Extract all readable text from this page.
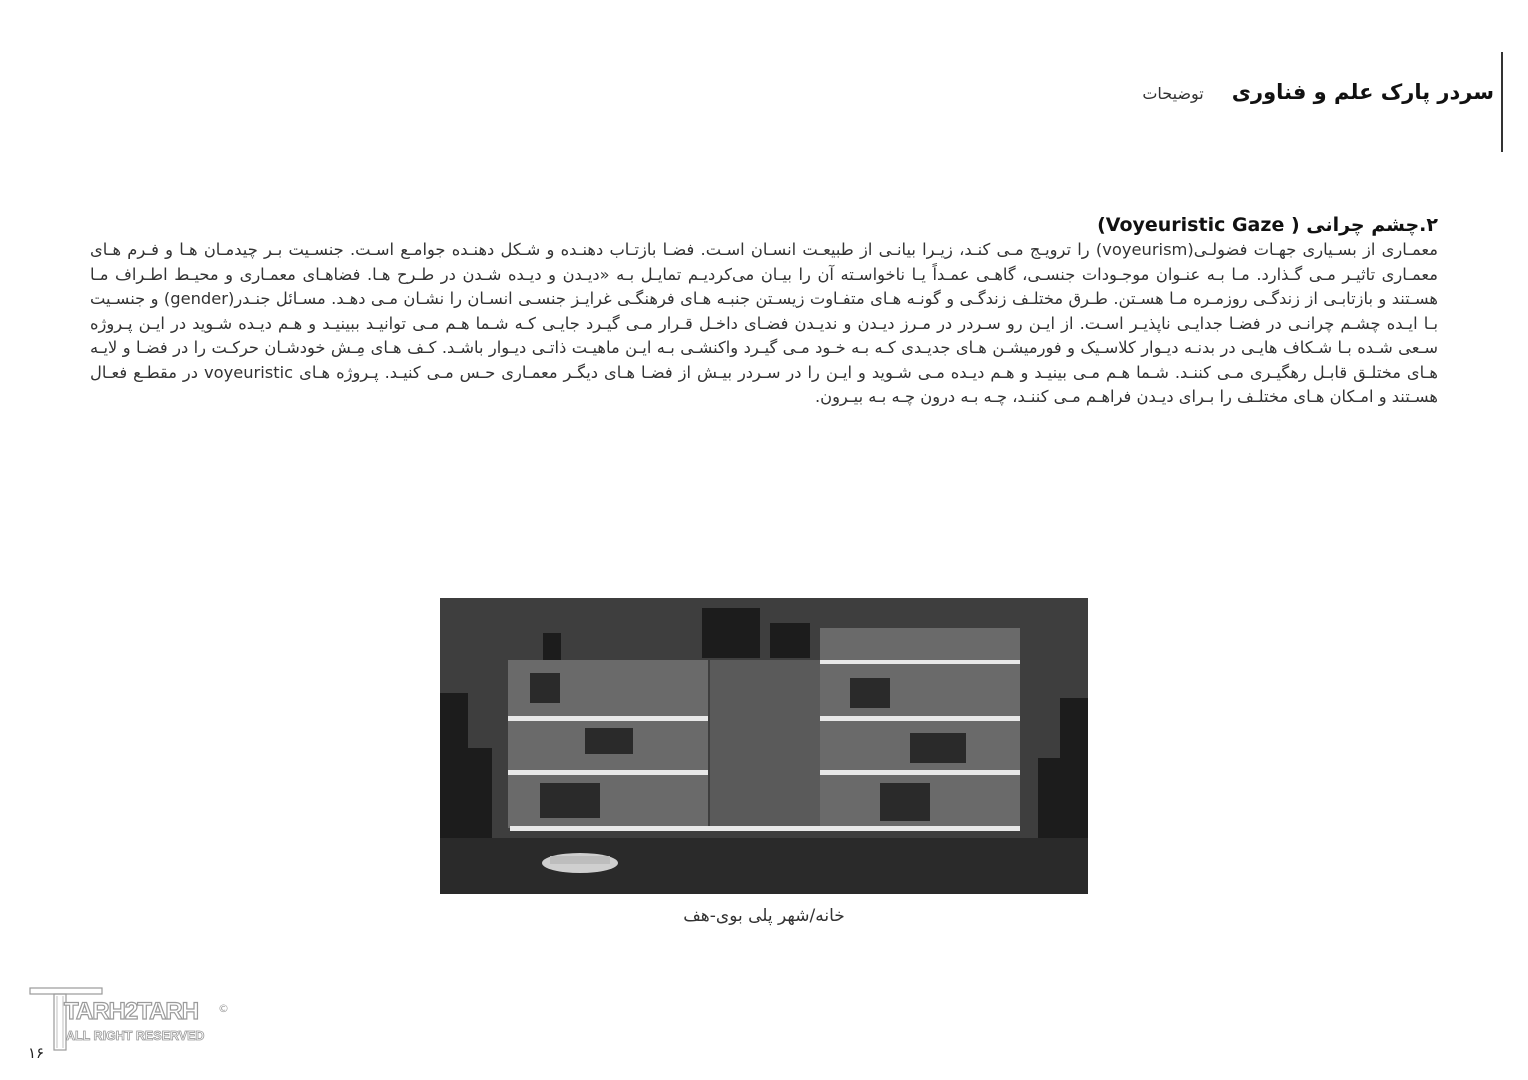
سردر پارک علم و فناوری
توضیحات
۲.چشم چرانی ( Voyeuristic Gaze)

معمـاری از بسـیاری جهـات فضولـی(voyeurism) را ترویـج مـی کنـد، زیـرا بیانـی از طبیعـت انسـان اسـت. فضـا بازتـاب دهنـده و شـکل دهنـده جوامـع اسـت. جنسـیت بـر چیدمـان هـا و فـرم هـای معمـاری تاثیـر مـی گـذارد. مـا بـه عنـوان موجـودات جنسـی، گاهـی عمـداً یـا ناخواسـته آن را بیـان می‌کردیـم تمایـل بـه «دیـدن و دیـده شـدن در طـرح هـا. فضاهـای معمـاری و محیـط اطـراف مـا هسـتند و بازتابـی از زندگـی روزمـره مـا هسـتن. طـرق مختلـف زندگـی و گونـه هـای متفـاوت زیسـتن جنبـه هـای فرهنگـی غرایـز جنسـی انسـان را نشـان مـی دهـد. مسـائل جنـدر(gender) و جنسـیت بـا ایـده چشـم چرانـی در فضـا جدایـی ناپذیـر اسـت. از ایـن رو سـردر در مـرز دیـدن و ندیـدن فضـای داخـل قـرار مـی گیـرد جایـی کـه شـما هـم مـی توانیـد ببینیـد و هـم دیـده شـوید در ایـن پـروژه سـعی شـده بـا شـکاف هایـی در بدنـه دیـوار کلاسـیک و فورمیشـن هـای جدیـدی کـه بـه خـود مـی گیـرد واکنشـی بـه ایـن ماهیـت ذاتـی دیـوار باشـد. کـف هـای مِـش خودشـان حرکـت را در فضـا و لایـه هـای مختلـق قابـل رهگیـری مـی کننـد. شـما هـم مـی بینیـد و هـم دیـده مـی شـوید و ایـن را در سـردر بیـش از فضـا هـای دیگـر معمـاری حـس مـی کنیـد. پـروژه هـای voyeuristic در مقطـع فعـال هسـتند و امـکان هـای مختلـف را بـرای دیـدن فراهـم مـی کننـد، چـه بـه درون چـه بـه بیـرون.

خانه/شهر پلی بوی-هف
TARH2TARH
ALL RIGHT RESERVED
©
۱۶
